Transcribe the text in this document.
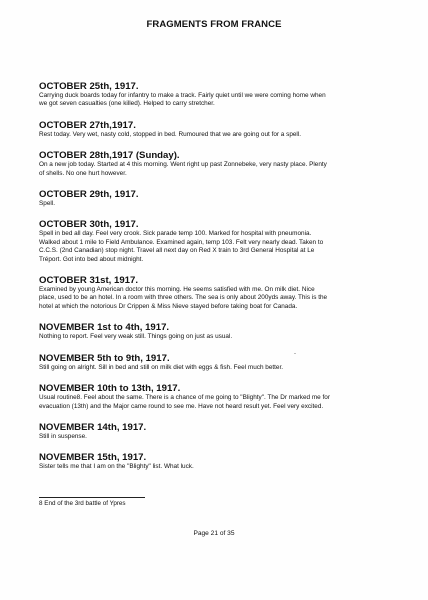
FRAGMENTS FROM FRANCE

OCTOBER 25th, 1917.

Carrying duck boards today for infantry to make a track. Fairly quiet until we were coming home when
we got seven casualties (one killed). Helped to carry stretcher.

OCTOBER 27th,1917.

Rest today. Very wet, nasty cold, stopped in bed. Rumoured that we are going out for a spell.

OCTOBER 28th,1917 (Sunday).

On a new job today. Started at 4 this morning. Went right up past Zonnebeke, very nasty place. Plenty
of shells. No one hurt however.

OCTOBER 29th, 1917.

Spell.

OCTOBER 30th, 1917.

Spell in bed all day. Feel very crook. Sick parade temp 100. Marked for hospital with pneumonia.
Walked about 1 mile to Field Ambulance. Examined again, temp 103. Felt very nearly dead. Taken to
C.C.S. (2nd Canadian) stop night. Travel all next day on Red X train to 3rd General Hospital at Le
Tréport. Got into bed about midnight.

OCTOBER 31st, 1917.

Examined by young American doctor this morning. He seems satisfied with me. On milk diet. Nice
place, used to be an hotel. In a room with three others. The sea is only about 200yds away. This is the
hotel at which the notorious Dr Crippen & Miss Nieve stayed before taking boat for Canada.

NOVEMBER 1st to 4th, 1917.

Nothing to report. Feel very weak still. Things going on just as usual.

NOVEMBER 5th to 9th, 1917.

Still going on alright. Sill in bed and still on milk diet with eggs & fish. Feel much better.

NOVEMBER 10th to 13th, 1917.

Usual routine8. Feel about the same. There is a chance of me going to "Blighty". The Dr marked me for
evacuation (13th) and the Major came round to see me. Have not heard result yet. Feel very excited.

NOVEMBER 14th, 1917.

Still in suspense.

NOVEMBER 15th, 1917.

Sister tells me that I am on the "Blighty" list. What luck.

-
8 End of the 3rd battle of Ypres
Page 21 of 35
